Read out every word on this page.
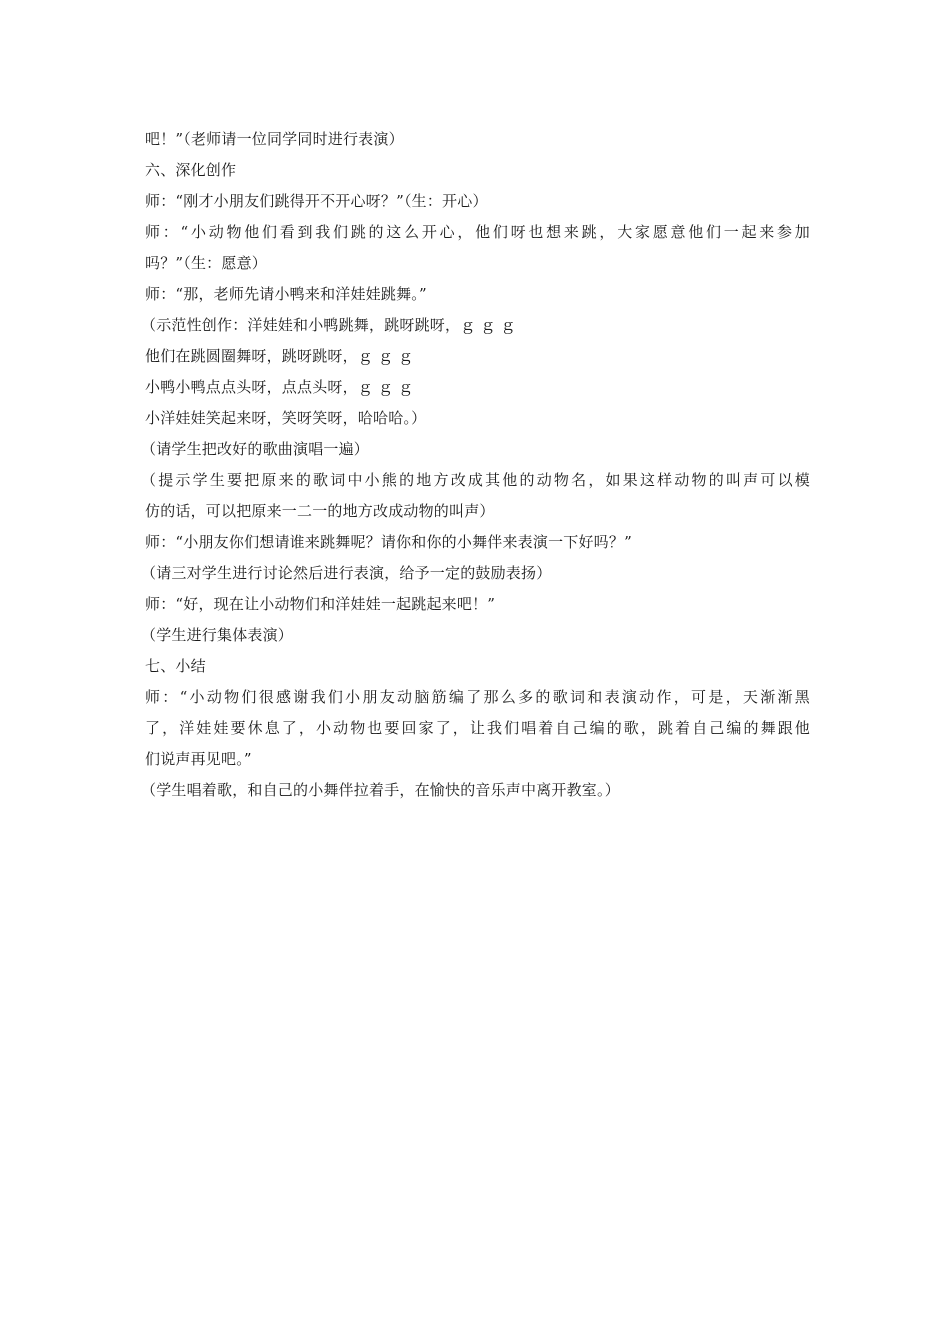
吧！”（老师请一位同学同时进行表演）
六、深化创作
师：“刚才小朋友们跳得开不开心呀？”（生：开心）
师：“小动物他们看到我们跳的这么开心，他们呀也想来跳，大家愿意他们一起来参加
吗？”（生：愿意）
师：“那，老师先请小鸭来和洋娃娃跳舞。”
（示范性创作：洋娃娃和小鸭跳舞，跳呀跳呀，ｇ ｇ ｇ
他们在跳圆圈舞呀，跳呀跳呀，ｇ ｇ ｇ
小鸭小鸭点点头呀，点点头呀，ｇ ｇ ｇ
小洋娃娃笑起来呀，笑呀笑呀，哈哈哈。）
（请学生把改好的歌曲演唱一遍）
（提示学生要把原来的歌词中小熊的地方改成其他的动物名，如果这样动物的叫声可以模
仿的话，可以把原来一二一的地方改成动物的叫声）
师：“小朋友你们想请谁来跳舞呢？请你和你的小舞伴来表演一下好吗？”
（请三对学生进行讨论然后进行表演，给予一定的鼓励表扬）
师：“好，现在让小动物们和洋娃娃一起跳起来吧！”
（学生进行集体表演）
七、小结
师：“小动物们很感谢我们小朋友动脑筋编了那么多的歌词和表演动作，可是，天渐渐黑
了，洋娃娃要休息了，小动物也要回家了，让我们唱着自己编的歌，跳着自己编的舞跟他
们说声再见吧。”
（学生唱着歌，和自己的小舞伴拉着手，在愉快的音乐声中离开教室。）
